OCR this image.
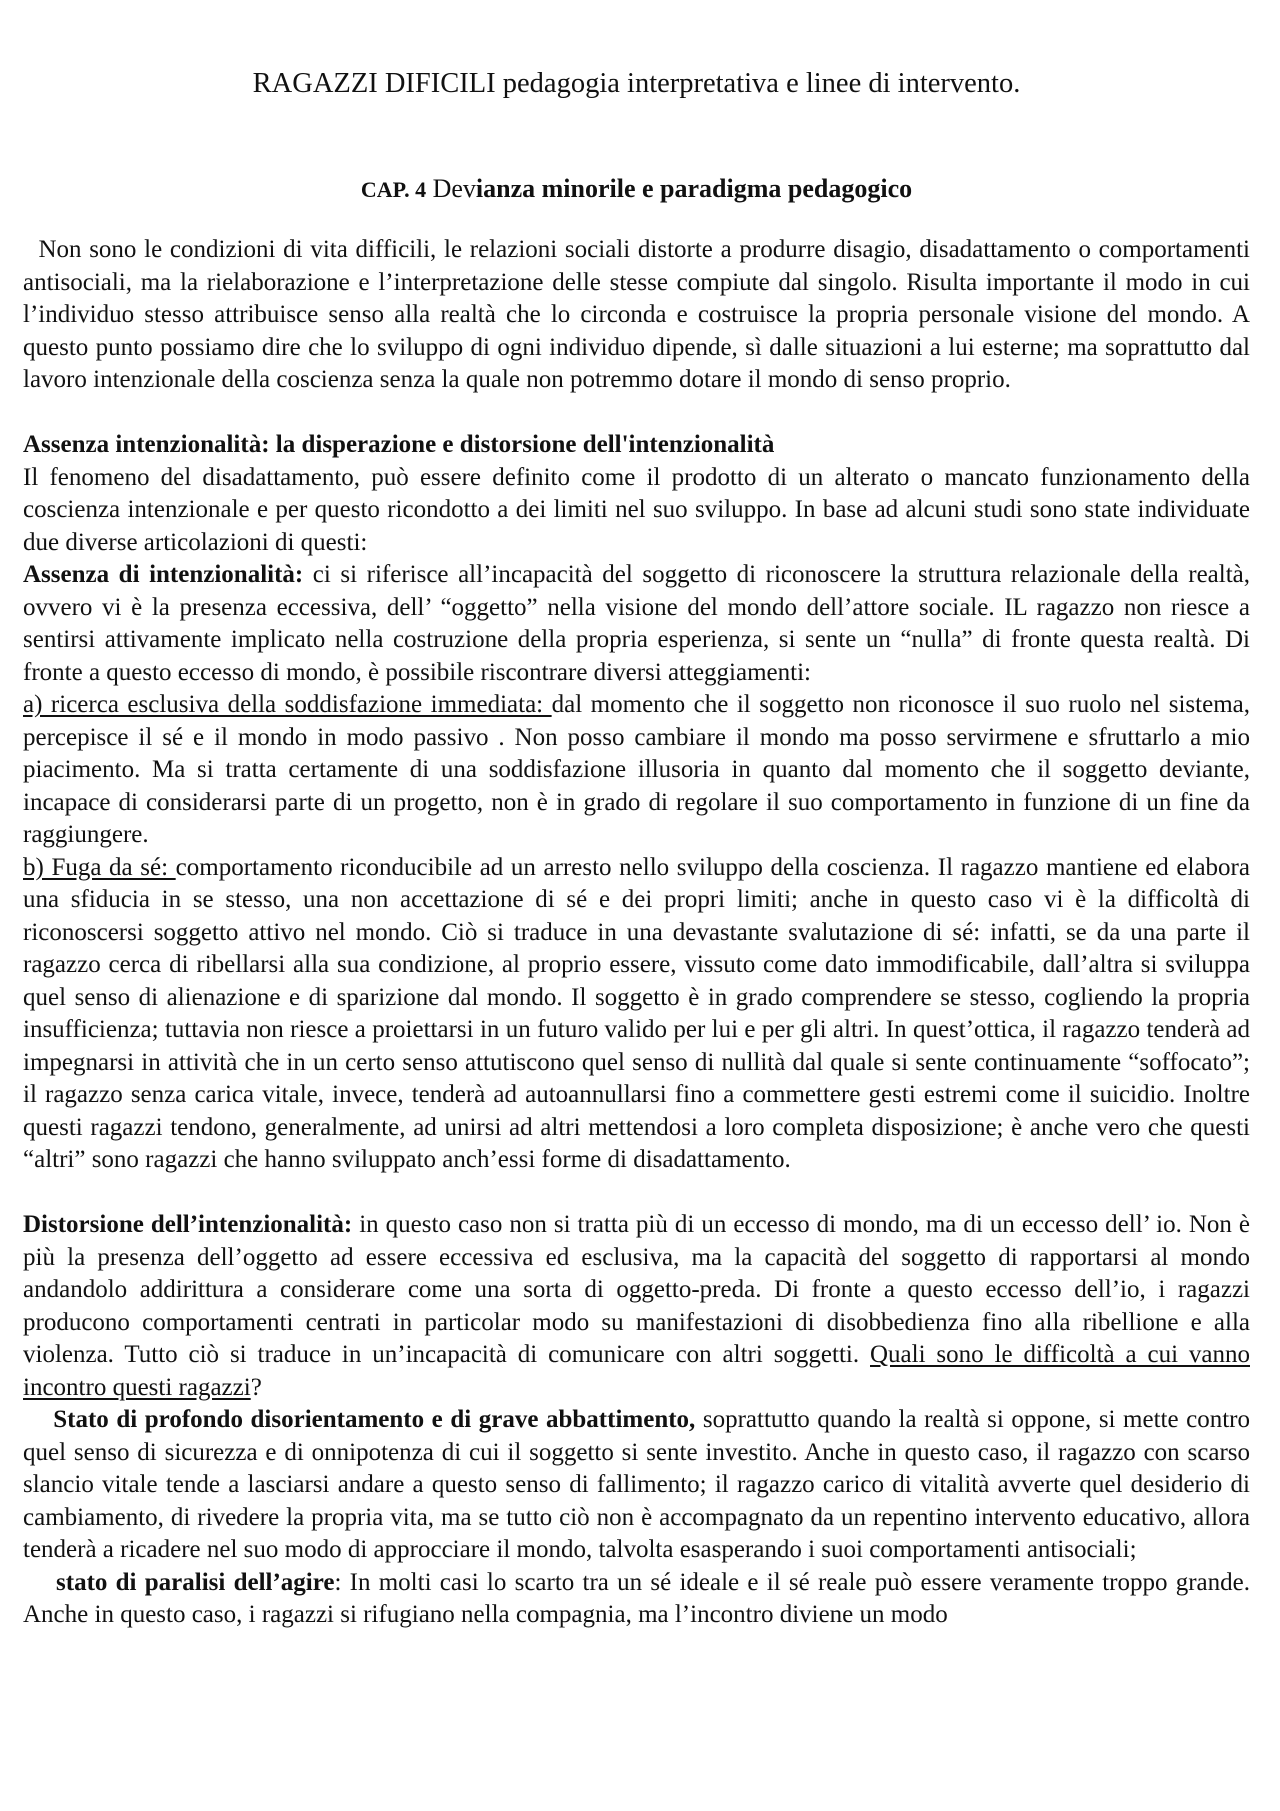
RAGAZZI DIFICILI pedagogia interpretativa e linee di intervento.
CAP. 4 Devianza minorile e paradigma pedagogico

Non sono le condizioni di vita difficili, le relazioni sociali distorte a produrre disagio, disadattamento o comportamenti antisociali, ma la rielaborazione e l’interpretazione delle stesse compiute dal singolo. Risulta importante il modo in cui l’individuo stesso attribuisce senso alla realtà che lo circonda e costruisce la propria personale visione del mondo. A questo punto possiamo dire che lo sviluppo di ogni individuo dipende, sì dalle situazioni a lui esterne; ma soprattutto dal lavoro intenzionale della coscienza senza la quale non potremmo dotare il mondo di senso proprio.

Assenza intenzionalità: la disperazione e distorsione dell'intenzionalità

Il fenomeno del disadattamento, può essere definito come il prodotto di un alterato o mancato funzionamento della coscienza intenzionale e per questo ricondotto a dei limiti nel suo sviluppo. In base ad alcuni studi sono state individuate due diverse articolazioni di questi:

Assenza di intenzionalità: ci si riferisce all’incapacità del soggetto di riconoscere la struttura relazionale della realtà, ovvero vi è la presenza eccessiva, dell’ “oggetto” nella visione del mondo dell’attore sociale. IL ragazzo non riesce a sentirsi attivamente implicato nella costruzione della propria esperienza, si sente un “nulla” di fronte questa realtà. Di fronte a questo eccesso di mondo, è possibile riscontrare diversi atteggiamenti:

a) ricerca esclusiva della soddisfazione immediata: dal momento che il soggetto non riconosce il suo ruolo nel sistema, percepisce il sé e il mondo in modo passivo . Non posso cambiare il mondo ma posso servirmene e sfruttarlo a mio piacimento. Ma si tratta certamente di una soddisfazione illusoria in quanto dal momento che il soggetto deviante, incapace di considerarsi parte di un progetto, non è in grado di regolare il suo comportamento in funzione di un fine da raggiungere.

b) Fuga da sé: comportamento riconducibile ad un arresto nello sviluppo della coscienza. Il ragazzo mantiene ed elabora una sfiducia in se stesso, una non accettazione di sé e dei propri limiti; anche in questo caso vi è la difficoltà di riconoscersi soggetto attivo nel mondo. Ciò si traduce in una devastante svalutazione di sé: infatti, se da una parte il ragazzo cerca di ribellarsi alla sua condizione, al proprio essere, vissuto come dato immodificabile, dall’altra si sviluppa quel senso di alienazione e di sparizione dal mondo. Il soggetto è in grado comprendere se stesso, cogliendo la propria insufficienza; tuttavia non riesce a proiettarsi in un futuro valido per lui e per gli altri. In quest’ottica, il ragazzo tenderà ad impegnarsi in attività che in un certo senso attutiscono quel senso di nullità dal quale si sente continuamente “soffocato”; il ragazzo senza carica vitale, invece, tenderà ad autoannullarsi fino a commettere gesti estremi come il suicidio. Inoltre questi ragazzi tendono, generalmente, ad unirsi ad altri mettendosi a loro completa disposizione; è anche vero che questi “altri” sono ragazzi che hanno sviluppato anch’essi forme di disadattamento.

Distorsione dell’intenzionalità: in questo caso non si tratta più di un eccesso di mondo, ma di un eccesso dell’ io. Non è più la presenza dell’oggetto ad essere eccessiva ed esclusiva, ma la capacità del soggetto di rapportarsi al mondo andandolo addirittura a considerare come una sorta di oggetto-preda. Di fronte a questo eccesso dell’io, i ragazzi producono comportamenti centrati in particolar modo su manifestazioni di disobbedienza fino alla ribellione e alla violenza. Tutto ciò si traduce in un’incapacità di comunicare con altri soggetti. Quali sono le difficoltà a cui vanno incontro questi ragazzi?

Stato di profondo disorientamento e di grave abbattimento, soprattutto quando la realtà si oppone, si mette contro quel senso di sicurezza e di onnipotenza di cui il soggetto si sente investito. Anche in questo caso, il ragazzo con scarso slancio vitale tende a lasciarsi andare a questo senso di fallimento; il ragazzo carico di vitalità avverte quel desiderio di cambiamento, di rivedere la propria vita, ma se tutto ciò non è accompagnato da un repentino intervento educativo, allora tenderà a ricadere nel suo modo di approcciare il mondo, talvolta esasperando i suoi comportamenti antisociali;

stato di paralisi dell’agire: In molti casi lo scarto tra un sé ideale e il sé reale può essere veramente troppo grande. Anche in questo caso, i ragazzi si rifugiano nella compagnia, ma l’incontro diviene un modo
